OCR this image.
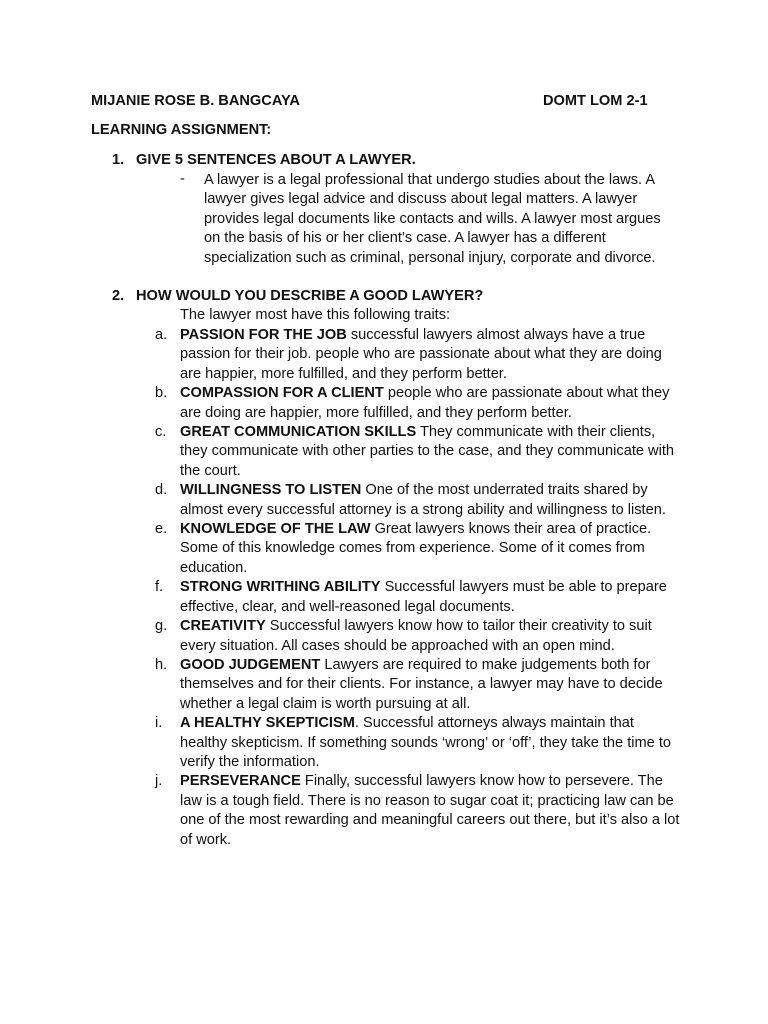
MIJANIE ROSE B. BANGCAYA	DOMT LOM 2-1
LEARNING ASSIGNMENT:
1. GIVE 5 SENTENCES ABOUT A LAWYER.
- A lawyer is a legal professional that undergo studies about the laws. A lawyer gives legal advice and discuss about legal matters. A lawyer provides legal documents like contacts and wills. A lawyer most argues on the basis of his or her client’s case. A lawyer has a different specialization such as criminal, personal injury, corporate and divorce.
2. HOW WOULD YOU DESCRIBE A GOOD LAWYER?
The lawyer most have this following traits:
a. PASSION FOR THE JOB successful lawyers almost always have a true passion for their job. people who are passionate about what they are doing are happier, more fulfilled, and they perform better.
b. COMPASSION FOR A CLIENT people who are passionate about what they are doing are happier, more fulfilled, and they perform better.
c. GREAT COMMUNICATION SKILLS They communicate with their clients, they communicate with other parties to the case, and they communicate with the court.
d. WILLINGNESS TO LISTEN One of the most underrated traits shared by almost every successful attorney is a strong ability and willingness to listen.
e. KNOWLEDGE OF THE LAW Great lawyers knows their area of practice. Some of this knowledge comes from experience. Some of it comes from education.
f. STRONG WRITHING ABILITY Successful lawyers must be able to prepare effective, clear, and well-reasoned legal documents.
g. CREATIVITY Successful lawyers know how to tailor their creativity to suit every situation. All cases should be approached with an open mind.
h. GOOD JUDGEMENT Lawyers are required to make judgements both for themselves and for their clients. For instance, a lawyer may have to decide whether a legal claim is worth pursuing at all.
i. A HEALTHY SKEPTICISM. Successful attorneys always maintain that healthy skepticism. If something sounds ‘wrong’ or ‘off’, they take the time to verify the information.
j. PERSEVERANCE Finally, successful lawyers know how to persevere. The law is a tough field. There is no reason to sugar coat it; practicing law can be one of the most rewarding and meaningful careers out there, but it’s also a lot of work.
